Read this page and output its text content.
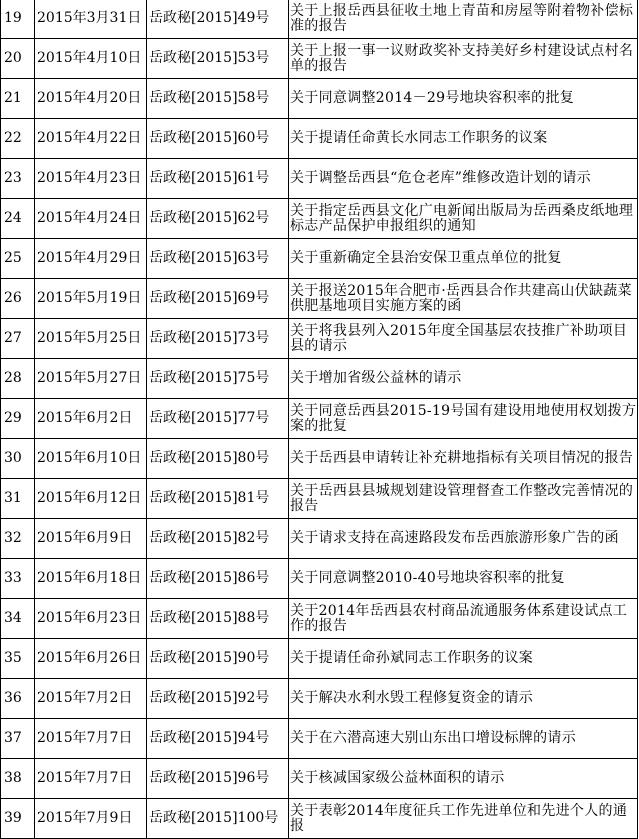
19	2015年3月31日	岳政秘[2015]49号	关于上报岳西县征收土地上青苗和房屋等附着物补偿标准的报告
20	2015年4月10日	岳政秘[2015]53号	关于上报一事一议财政奖补支持美好乡村建设试点村名单的报告
21	2015年4月20日	岳政秘[2015]58号	关于同意调整2014－29号地块容积率的批复
22	2015年4月22日	岳政秘[2015]60号	关于提请任命黄长水同志工作职务的议案
23	2015年4月23日	岳政秘[2015]61号	关于调整岳西县“危仓老库”维修改造计划的请示
24	2015年4月24日	岳政秘[2015]62号	关于指定岳西县文化广电新闻出版局为岳西桑皮纸地理标志产品保护申报组织的通知
25	2015年4月29日	岳政秘[2015]63号	关于重新确定全县治安保卫重点单位的批复
26	2015年5月19日	岳政秘[2015]69号	关于报送2015年合肥市·岳西县合作共建高山伏缺蔬菜供肥基地项目实施方案的函
27	2015年5月25日	岳政秘[2015]73号	关于将我县列入2015年度全国基层农技推广补助项目县的请示
28	2015年5月27日	岳政秘[2015]75号	关于增加省级公益林的请示
29	2015年6月2日	岳政秘[2015]77号	关于同意岳西县2015-19号国有建设用地使用权划拨方案的批复
30	2015年6月10日	岳政秘[2015]80号	关于岳西县申请转让补充耕地指标有关项目情况的报告
31	2015年6月12日	岳政秘[2015]81号	关于岳西县县城规划建设管理督查工作整改完善情况的报告
32	2015年6月9日	岳政秘[2015]82号	关于请求支持在高速路段发布岳西旅游形象广告的函
33	2015年6月18日	岳政秘[2015]86号	关于同意调整2010-40号地块容积率的批复
34	2015年6月23日	岳政秘[2015]88号	关于2014年岳西县农村商品流通服务体系建设试点工作的报告
35	2015年6月26日	岳政秘[2015]90号	关于提请任命孙斌同志工作职务的议案
36	2015年7月2日	岳政秘[2015]92号	关于解决水利水毁工程修复资金的请示
37	2015年7月7日	岳政秘[2015]94号	关于在六潜高速大别山东出口增设标牌的请示
38	2015年7月7日	岳政秘[2015]96号	关于核减国家级公益林面积的请示
39	2015年7月9日	岳政秘[2015]100号	关于表彰2014年度征兵工作先进单位和先进个人的通报
